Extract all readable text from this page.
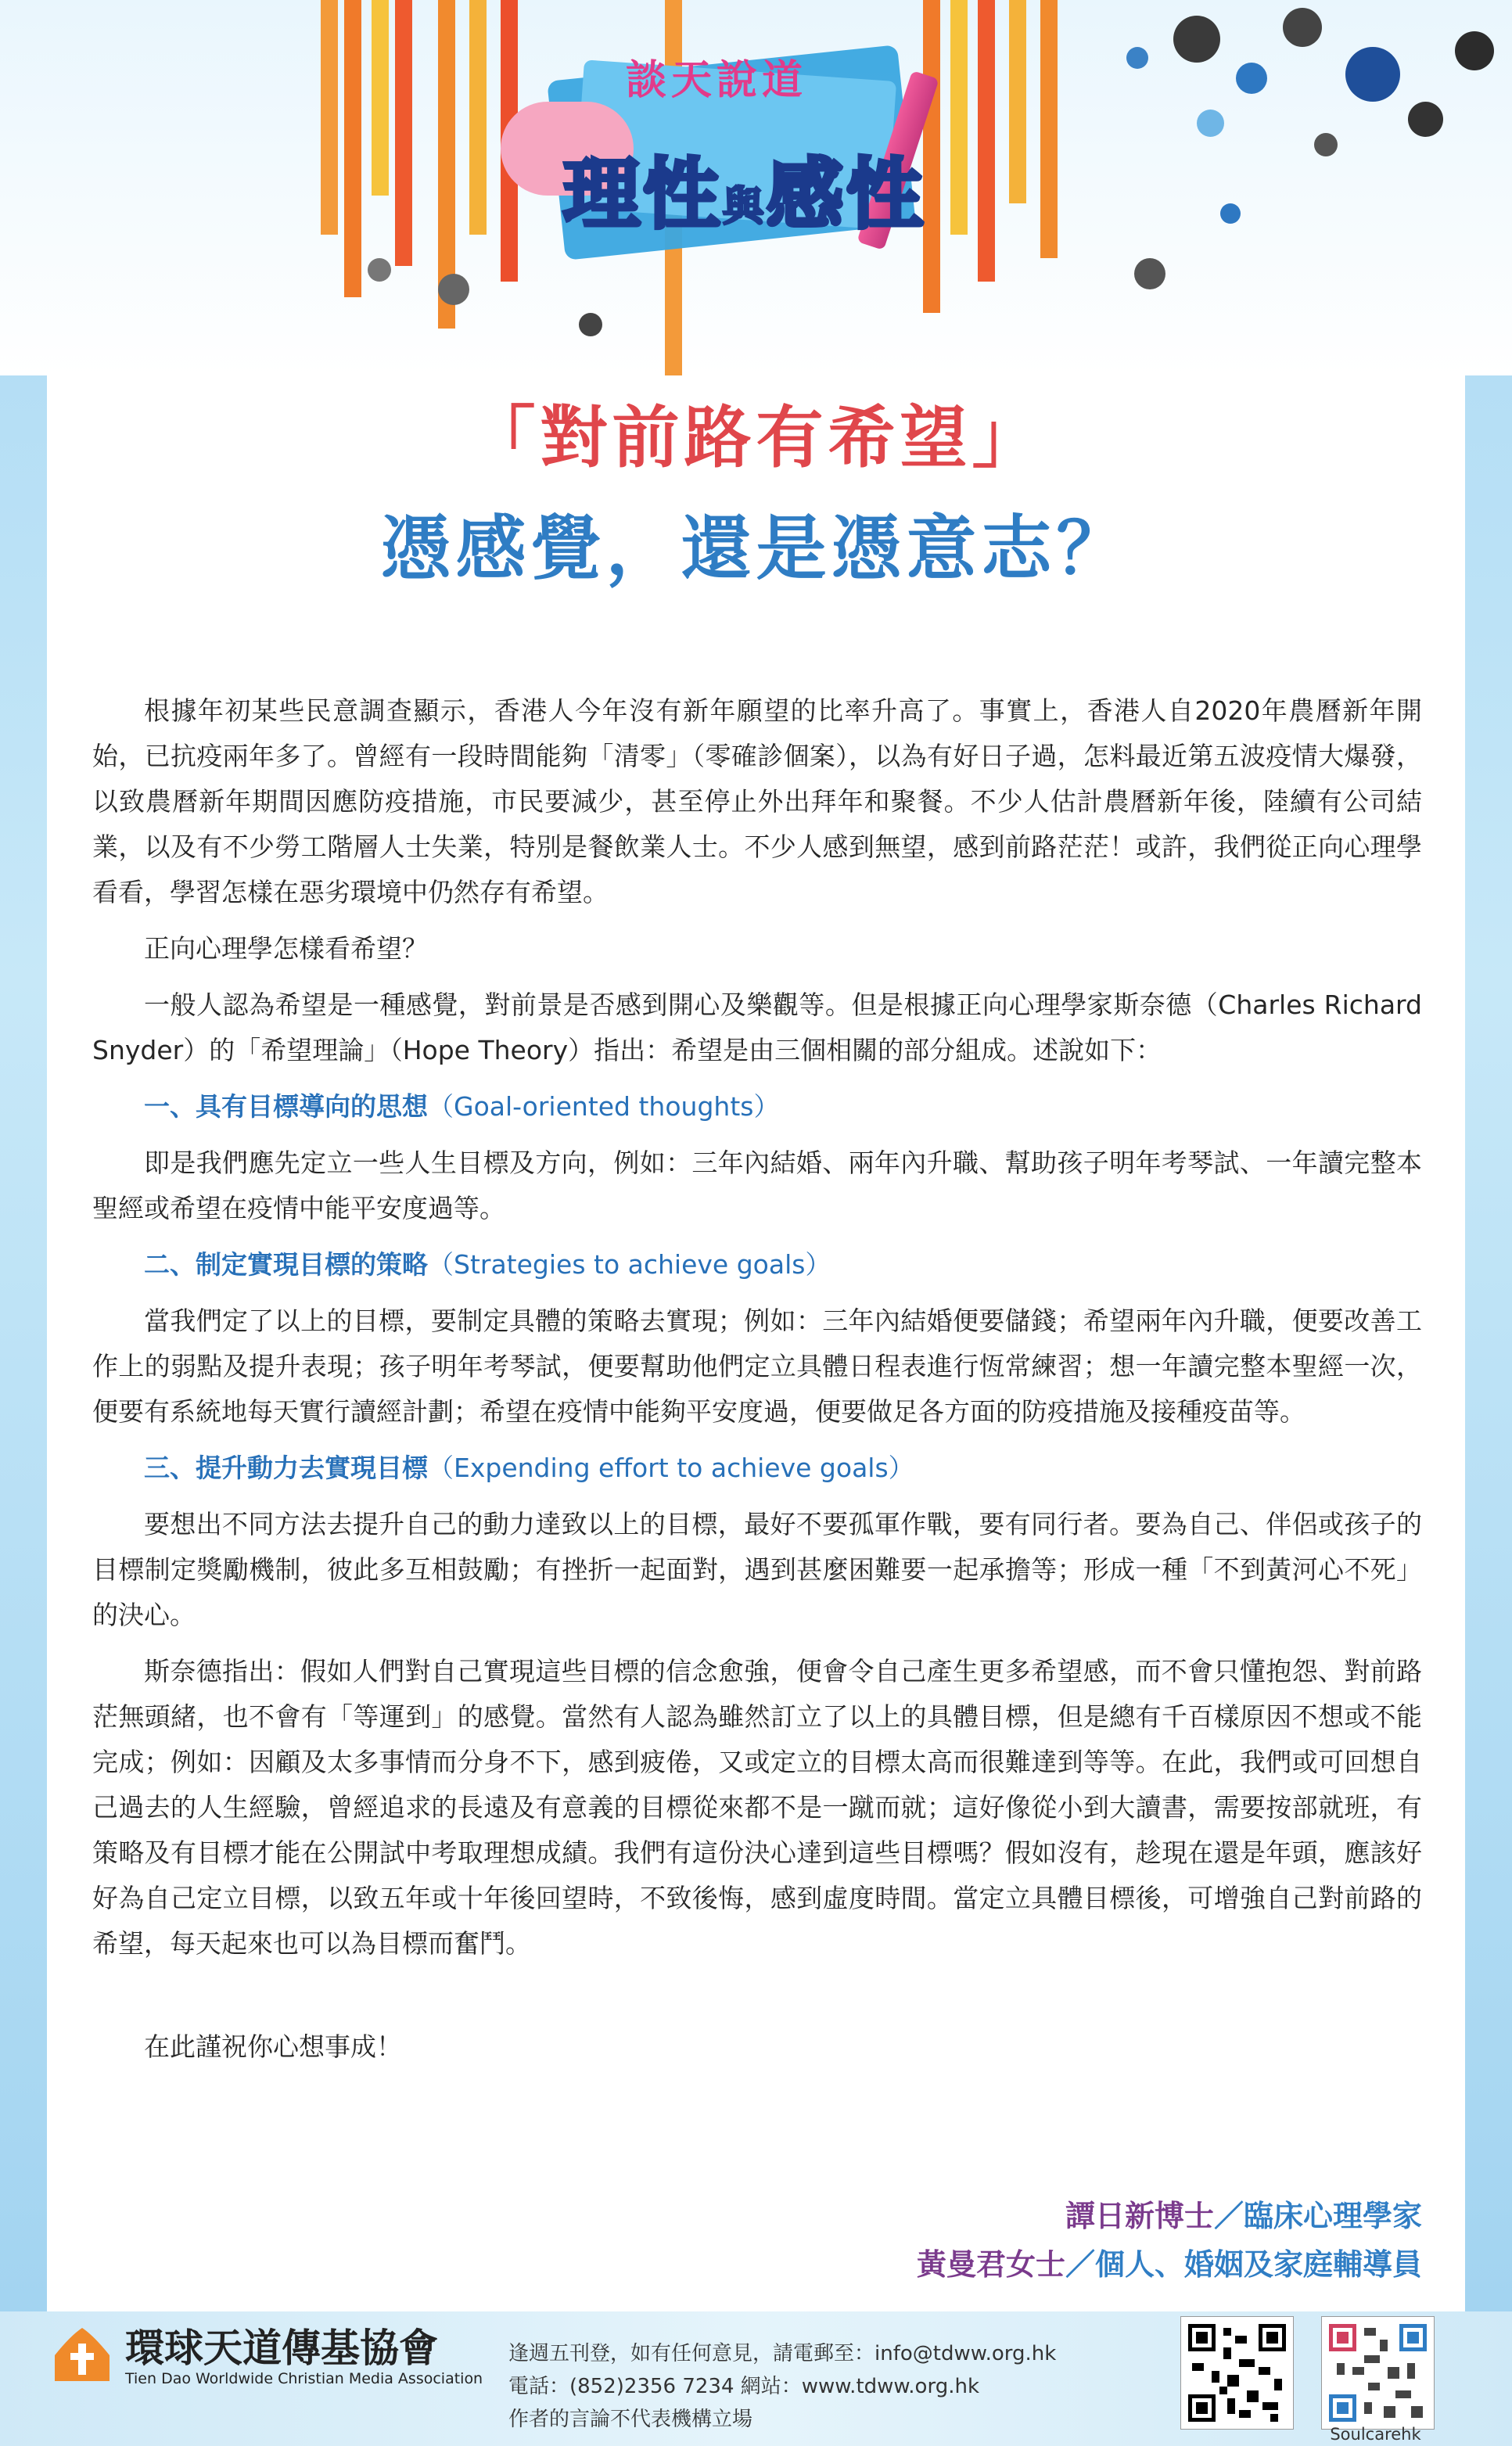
談天說道
理性與感性
「對前路有希望」
憑感覺，還是憑意志？

根據年初某些民意調查顯示，香港人今年沒有新年願望的比率升高了。事實上，香港人自2020年農曆新年開始，已抗疫兩年多了。曾經有一段時間能夠「清零」（零確診個案），以為有好日子過，怎料最近第五波疫情大爆發，以致農曆新年期間因應防疫措施，市民要減少，甚至停止外出拜年和聚餐。不少人估計農曆新年後，陸續有公司結業，以及有不少勞工階層人士失業，特別是餐飲業人士。不少人感到無望，感到前路茫茫！或許，我們從正向心理學看看，學習怎樣在惡劣環境中仍然存有希望。

正向心理學怎樣看希望？

一般人認為希望是一種感覺，對前景是否感到開心及樂觀等。但是根據正向心理學家斯奈德（Charles Richard Snyder）的「希望理論」（Hope Theory）指出：希望是由三個相關的部分組成。述說如下：

一、具有目標導向的思想（Goal-oriented thoughts）

即是我們應先定立一些人生目標及方向，例如：三年內結婚、兩年內升職、幫助孩子明年考琴試、一年讀完整本聖經或希望在疫情中能平安度過等。

二、制定實現目標的策略（Strategies to achieve goals）

當我們定了以上的目標，要制定具體的策略去實現；例如：三年內結婚便要儲錢；希望兩年內升職，便要改善工作上的弱點及提升表現；孩子明年考琴試，便要幫助他們定立具體日程表進行恆常練習；想一年讀完整本聖經一次，便要有系統地每天實行讀經計劃；希望在疫情中能夠平安度過，便要做足各方面的防疫措施及接種疫苗等。

三、提升動力去實現目標（Expending effort to achieve goals）

要想出不同方法去提升自己的動力達致以上的目標，最好不要孤軍作戰，要有同行者。要為自己、伴侶或孩子的目標制定獎勵機制，彼此多互相鼓勵；有挫折一起面對，遇到甚麼困難要一起承擔等；形成一種「不到黃河心不死」的決心。

斯奈德指出：假如人們對自己實現這些目標的信念愈強，便會令自己產生更多希望感，而不會只懂抱怨、對前路茫無頭緒，也不會有「等運到」的感覺。當然有人認為雖然訂立了以上的具體目標，但是總有千百樣原因不想或不能完成；例如：因顧及太多事情而分身不下，感到疲倦，又或定立的目標太高而很難達到等等。在此，我們或可回想自己過去的人生經驗，曾經追求的長遠及有意義的目標從來都不是一蹴而就；這好像從小到大讀書，需要按部就班，有策略及有目標才能在公開試中考取理想成績。我們有這份決心達到這些目標嗎？假如沒有，趁現在還是年頭，應該好好為自己定立目標，以致五年或十年後回望時，不致後悔，感到虛度時間。當定立具體目標後，可增強自己對前路的希望，每天起來也可以為目標而奮鬥。

在此謹祝你心想事成！

譚日新博士／臨床心理學家
黃曼君女士／個人、婚姻及家庭輔導員
環球天道傳基協會
Tien Dao Worldwide Christian Media Association
逢週五刊登，如有任何意見，請電郵至：info@tdww.org.hk
電話：(852)2356 7234 網站：www.tdww.org.hk
作者的言論不代表機構立場
Soulcarehk
